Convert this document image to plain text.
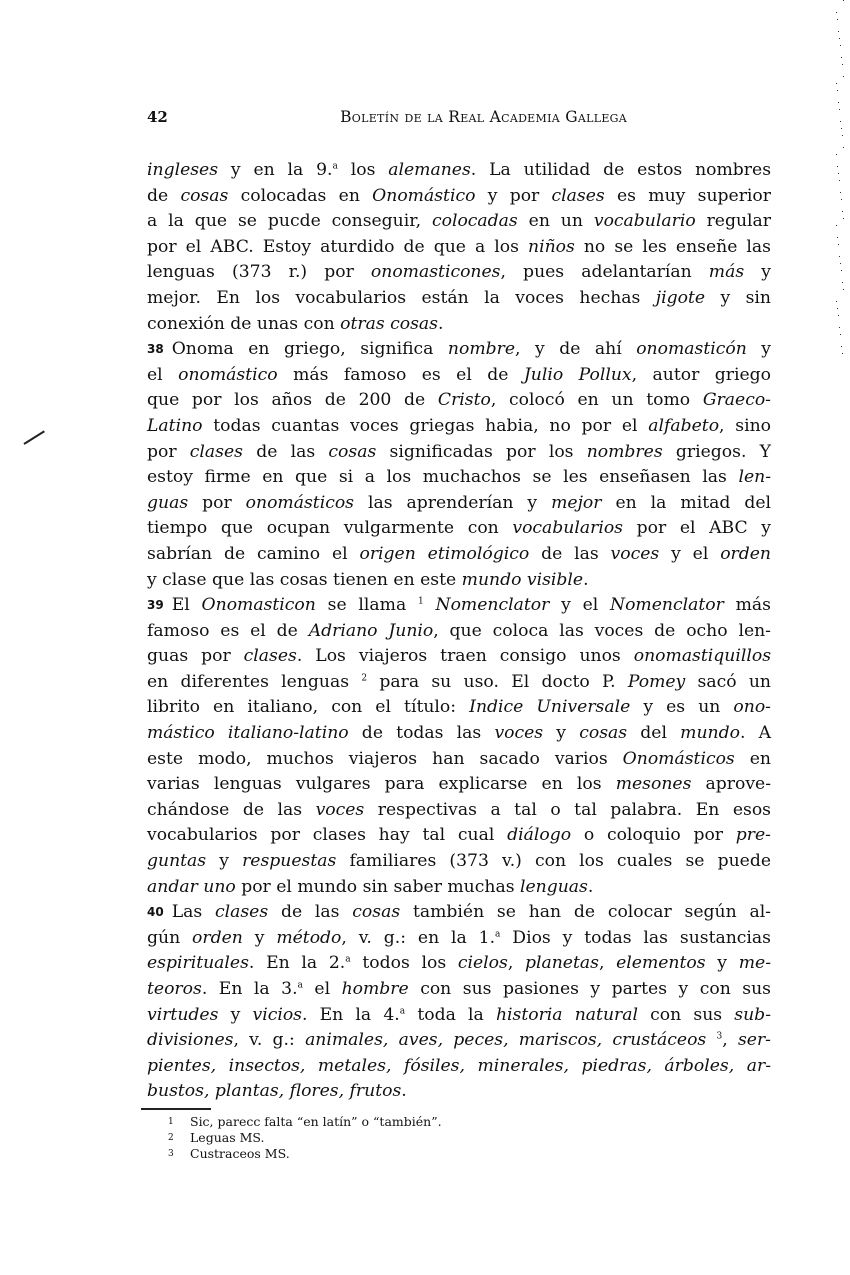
42	Boletín de la Real Academia Gallega
ingleses y en la 9.$^a$ los alemanes. La utilidad de estos nombres
de cosas colocadas en Onomástico y por clases es muy superior
a la que se pucde conseguir, colocadas en un vocabulario regular
por el ABC. Estoy aturdido de que a los niños no se les enseñe las
lenguas (373 r.) por onomasticones, pues adelantarían más y
mejor. En los vocabularios están la voces hechas jigote y sin
conexión de unas con otras cosas.
38 Onoma en griego, significa nombre, y de ahí onomasticón y
el onomástico más famoso es el de Julio Pollux, autor griego
que por los años de 200 de Cristo, colocó en un tomo Graeco-
Latino todas cuantas voces griegas habia, no por el alfabeto, sino
por clases de las cosas significadas por los nombres griegos. Y
estoy firme en que si a los muchachos se les enseñasen las len-
guas por onomásticos las aprenderían y mejor en la mitad del
tiempo que ocupan vulgarmente con vocabularios por el ABC y
sabrían de camino el origen etimológico de las voces y el orden
y clase que las cosas tienen en este mundo visible.
39 El Onomasticon se llama $^1$ Nomenclator y el Nomenclator más
famoso es el de Adriano Junio, que coloca las voces de ocho len-
guas por clases. Los viajeros traen consigo unos onomastiquillos
en diferentes lenguas $^2$ para su uso. El docto P. Pomey sacó un
librito en italiano, con el título: Indice Universale y es un ono-
mástico italiano-latino de todas las voces y cosas del mundo. A
este modo, muchos viajeros han sacado varios Onomásticos en
varias lenguas vulgares para explicarse en los mesones aprove-
chándose de las voces respectivas a tal o tal palabra. En esos
vocabularios por clases hay tal cual diálogo o coloquio por pre-
guntas y respuestas familiares (373 v.) con los cuales se puede
andar uno por el mundo sin saber muchas lenguas.
40 Las clases de las cosas también se han de colocar según al-
gún orden y método, v. g.: en la 1.$^a$ Dios y todas las sustancias
espirituales. En la 2.$^a$ todos los cielos, planetas, elementos y me-
teoros. En la 3.$^a$ el hombre con sus pasiones y partes y con sus
virtudes y vicios. En la 4.$^a$ toda la historia natural con sus sub-
divisiones, v. g.: animales, aves, peces, mariscos, crustáceos $^3$, ser-
pientes, insectos, metales, fósiles, minerales, piedras, árboles, ar-
bustos, plantas, flores, frutos.
1 Sic, parecc falta “en latín” o “también”.
2 Leguas MS.
3 Custraceos MS.
